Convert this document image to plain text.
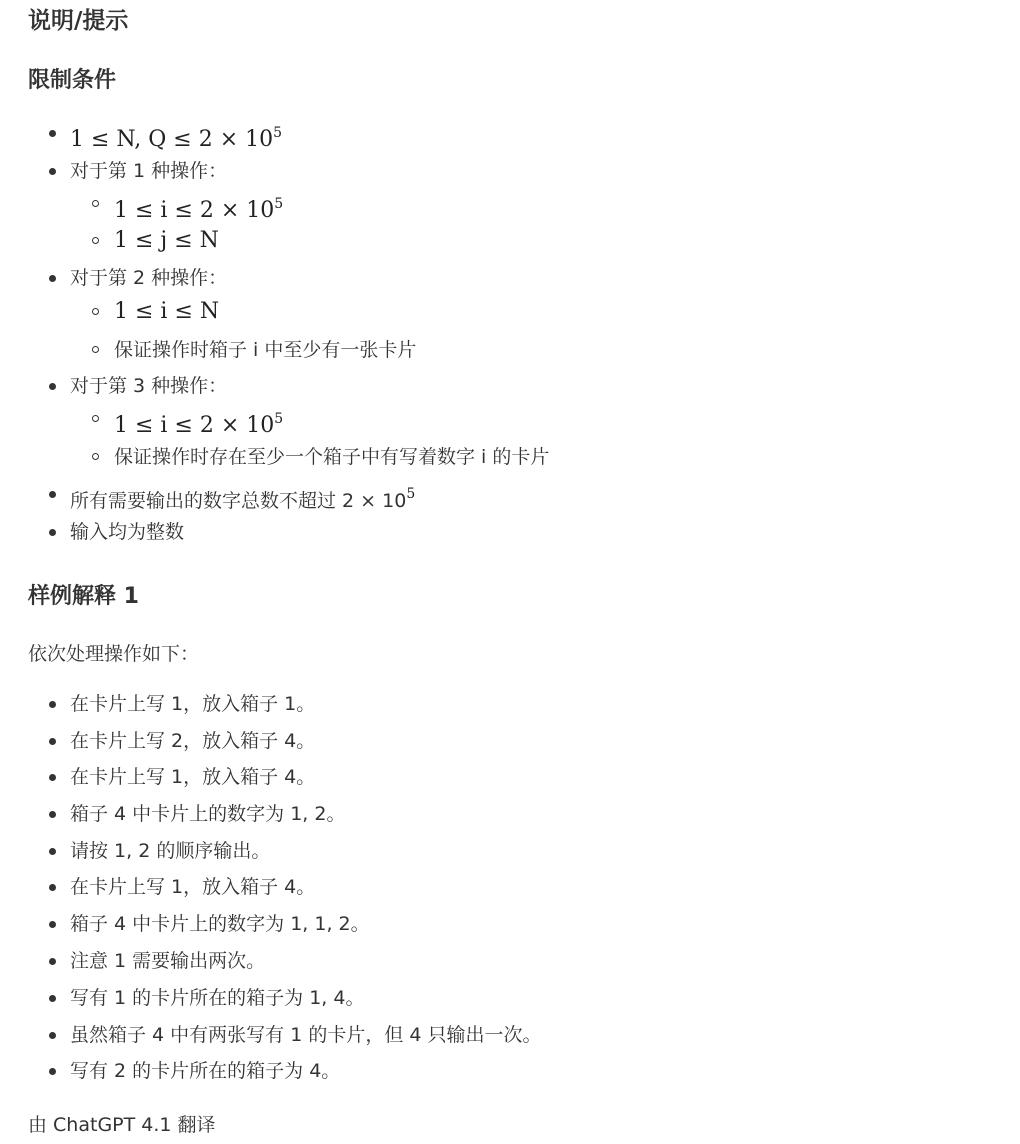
说明/提示
限制条件
1 ≤ N, $Q \le 2 \times 10^5$
对于第 1 种操作：
$1 \le i \le 2 \times 10^5$
1 ≤ j ≤ N
对于第 2 种操作：
1 ≤ i ≤ N
保证操作时箱子 i 中至少有一张卡片
对于第 3 种操作：
$1 \le i \le 2 \times 10^5$
保证操作时存在至少一个箱子中有写着数字 i 的卡片
所有需要输出的数字总数不超过 $2 \times 10^5$
输入均为整数
样例解释 1
依次处理操作如下：
在卡片上写 1，放入箱子 1。
在卡片上写 2，放入箱子 4。
在卡片上写 1，放入箱子 4。
箱子 4 中卡片上的数字为 1, 2。
请按 1, 2 的顺序输出。
在卡片上写 1，放入箱子 4。
箱子 4 中卡片上的数字为 1, 1, 2。
注意 1 需要输出两次。
写有 1 的卡片所在的箱子为 1, 4。
虽然箱子 4 中有两张写有 1 的卡片，但 4 只输出一次。
写有 2 的卡片所在的箱子为 4。
由 ChatGPT 4.1 翻译
